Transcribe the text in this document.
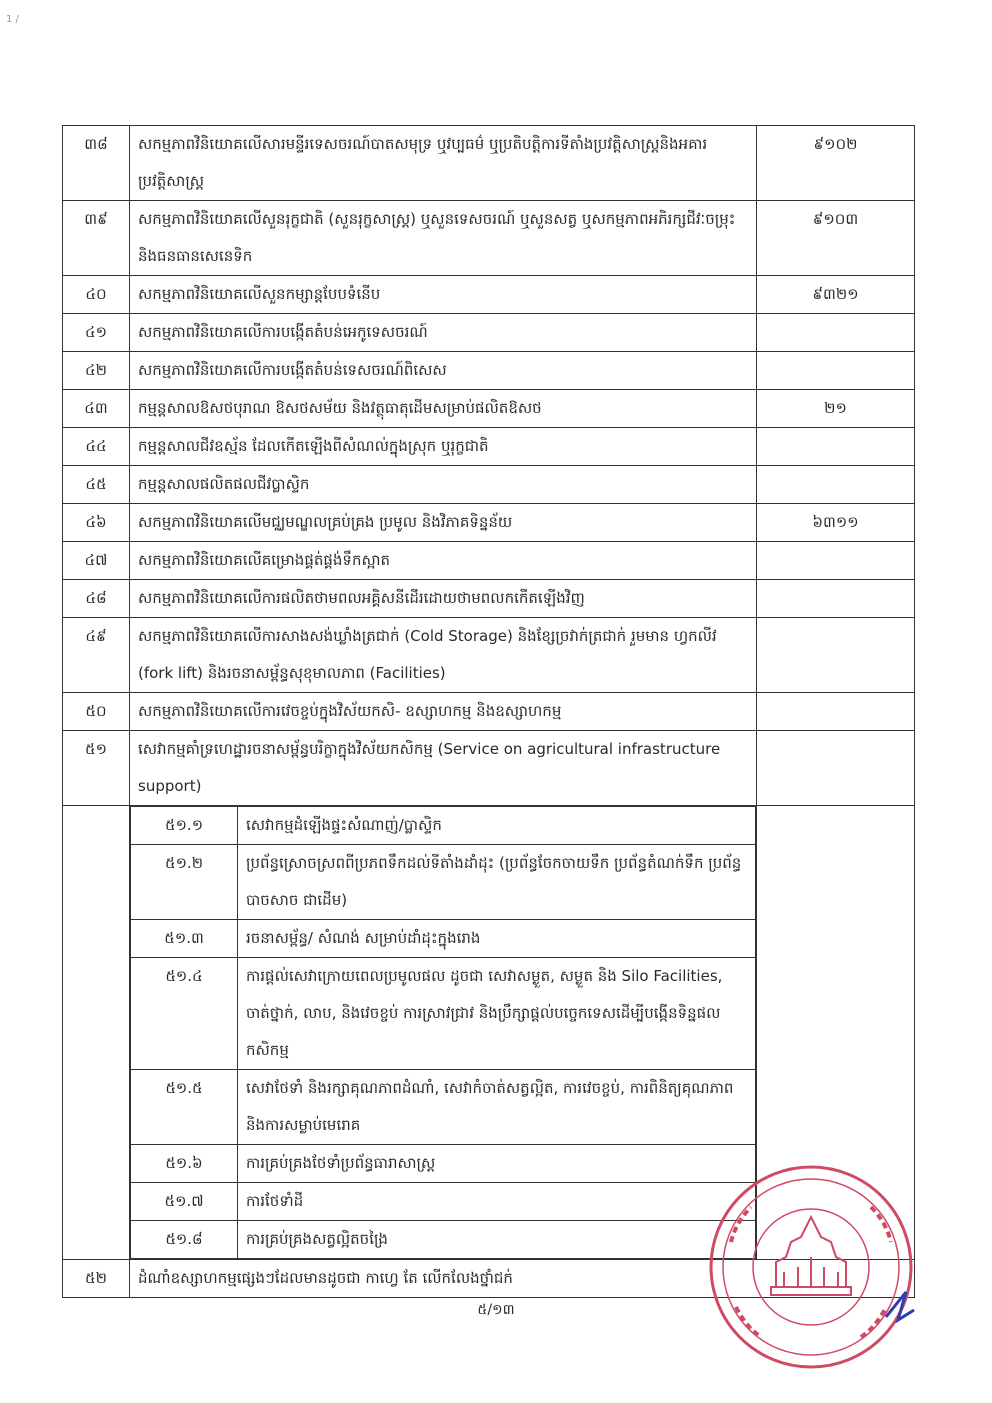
1 /
៣៨	សកម្មភាពវិនិយោគលើសារមន្ទីរទេសចរណ៍បាតសមុទ្រ ឬវប្បធម៌ ឬប្រតិបត្តិការទីតាំងប្រវត្តិសាស្ត្រនិងអគារប្រវត្តិសាស្ត្រ	៩១០២
៣៩	សកម្មភាពវិនិយោគលើសួនរុក្ខជាតិ (សួនរុក្ខសាស្ត្រ) ឬសួនទេសចរណ៍ ឬសួនសត្វ ឬសកម្មភាពអភិរក្សជីវៈចម្រុះ និងធនធានសេនេទិក	៩១០៣
៤០	សកម្មភាពវិនិយោគលើសួនកម្សាន្តបែបទំនើប	៩៣២១
៤១	សកម្មភាពវិនិយោគលើការបង្កើតតំបន់អេកូទេសចរណ៍	
៤២	សកម្មភាពវិនិយោគលើការបង្កើតតំបន់ទេសចរណ៍ពិសេស	
៤៣	កម្មន្តសាលឱសថបុរាណ ឱសថសម័យ និងវត្ថុធាតុដើមសម្រាប់ផលិតឱសថ	២១
៤៤	កម្មន្តសាលជីវឧស្ម័ន ដែលកើតឡើងពីសំណល់ក្នុងស្រុក ឬរុក្ខជាតិ	
៤៥	កម្មន្តសាលផលិតផលជីវប្លាស្ទិក	
៤៦	សកម្មភាពវិនិយោគលើមជ្ឈមណ្ឌលគ្រប់គ្រង ប្រមូល និងវិភាគទិន្នន័យ	៦៣១១
៤៧	សកម្មភាពវិនិយោគលើគម្រោងផ្គត់ផ្គង់ទឹកស្អាត	
៤៨	សកម្មភាពវិនិយោគលើការផលិតថាមពលអគ្គិសនីដើរដោយថាមពលកកើតឡើងវិញ	
៤៩	សកម្មភាពវិនិយោគលើការសាងសង់ឃ្លាំងត្រជាក់ (Cold Storage) និងខ្សែច្រវាក់ត្រជាក់ រួមមាន ហ្វកលីវ (fork lift) និងរចនាសម្ព័ន្ធសុខុមាលភាព (Facilities)	
៥០	សកម្មភាពវិនិយោគលើការវេចខ្ចប់ក្នុងវិស័យកសិ- ឧស្សាហកម្ម និងឧស្សាហកម្ម	
៥១	សេវាកម្មគាំទ្រហេដ្ឋារចនាសម្ព័ន្ធបរិក្ខាក្នុងវិស័យកសិកម្ម (Service on agricultural infrastructure support)	

៥១.១	សេវាកម្មដំឡើងផ្ទះសំណាញ់/ប្លាស្ទិក
៥១.២	ប្រព័ន្ធស្រោចស្រពពីប្រភពទឹកដល់ទីតាំងដាំដុះ (ប្រព័ន្ធចែកចាយទឹក ប្រព័ន្ធតំណក់ទឹក ប្រព័ន្ធបាចសាច ជាដើម)
៥១.៣	រចនាសម្ព័ន្ធ/ សំណង់ សម្រាប់ដាំដុះក្នុងរោង
៥១.៤	ការផ្តល់សេវាក្រោយពេលប្រមូលផល ដូចជា សេវាសម្ងួត, សម្ងួត និង Silo Facilities, ចាត់ថ្នាក់, លាប, និងវេចខ្ចប់ ការស្រាវជ្រាវ និងប្រឹក្សាផ្តល់បច្ចេកទេសដើម្បីបង្កើនទិន្នផលកសិកម្ម
៥១.៥	សេវាថែទាំ និងរក្សាគុណភាពដំណាំ, សេវាកំចាត់សត្វល្អិត, ការវេចខ្ចប់, ការពិនិត្យគុណភាព និងការសម្លាប់មេរោគ
៥១.៦	ការគ្រប់គ្រងថែទាំប្រព័ន្ធធារាសាស្ត្រ
៥១.៧	ការថែទាំដី
៥១.៨	ការគ្រប់គ្រងសត្វល្អិតចង្រៃ

៥២	ដំណាំឧស្សាហកម្មផ្សេងៗដែលមានដូចជា កាហ្វេ តែ លើកលែងថ្នាំជក់
៥/១៣
